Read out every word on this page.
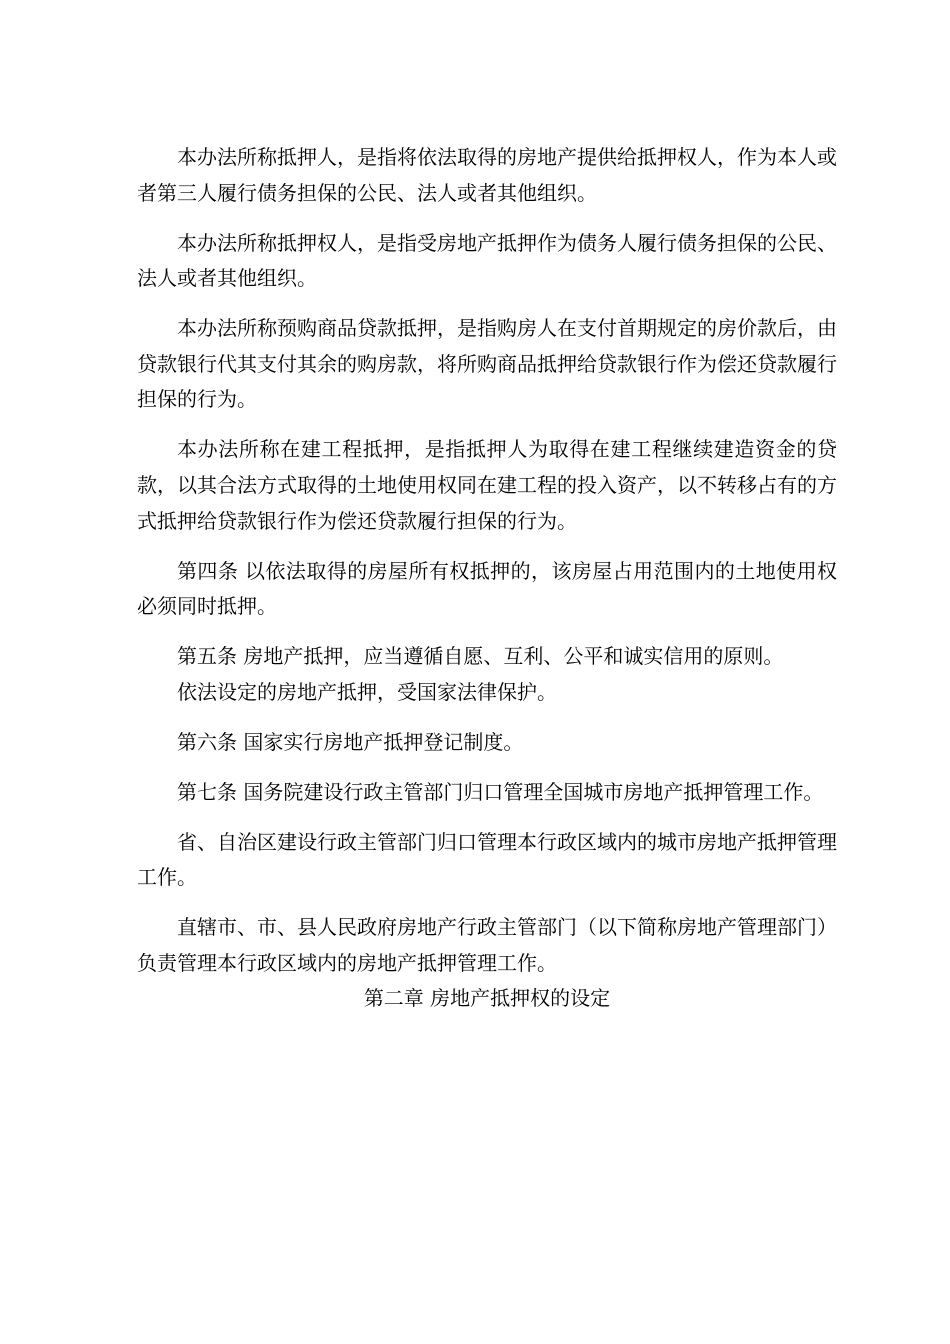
本办法所称抵押人，是指将依法取得的房地产提供给抵押权人，作为本人或者第三人履行债务担保的公民、法人或者其他组织。

本办法所称抵押权人，是指受房地产抵押作为债务人履行债务担保的公民、法人或者其他组织。

本办法所称预购商品贷款抵押，是指购房人在支付首期规定的房价款后，由贷款银行代其支付其余的购房款，将所购商品抵押给贷款银行作为偿还贷款履行担保的行为。

本办法所称在建工程抵押，是指抵押人为取得在建工程继续建造资金的贷款，以其合法方式取得的土地使用权同在建工程的投入资产，以不转移占有的方式抵押给贷款银行作为偿还贷款履行担保的行为。

第四条 以依法取得的房屋所有权抵押的，该房屋占用范围内的土地使用权必须同时抵押。

第五条 房地产抵押，应当遵循自愿、互利、公平和诚实信用的原则。

依法设定的房地产抵押，受国家法律保护。

第六条 国家实行房地产抵押登记制度。

第七条 国务院建设行政主管部门归口管理全国城市房地产抵押管理工作。

省、自治区建设行政主管部门归口管理本行政区域内的城市房地产抵押管理工作。

直辖市、市、县人民政府房地产行政主管部门（以下简称房地产管理部门）负责管理本行政区域内的房地产抵押管理工作。

第二章 房地产抵押权的设定
